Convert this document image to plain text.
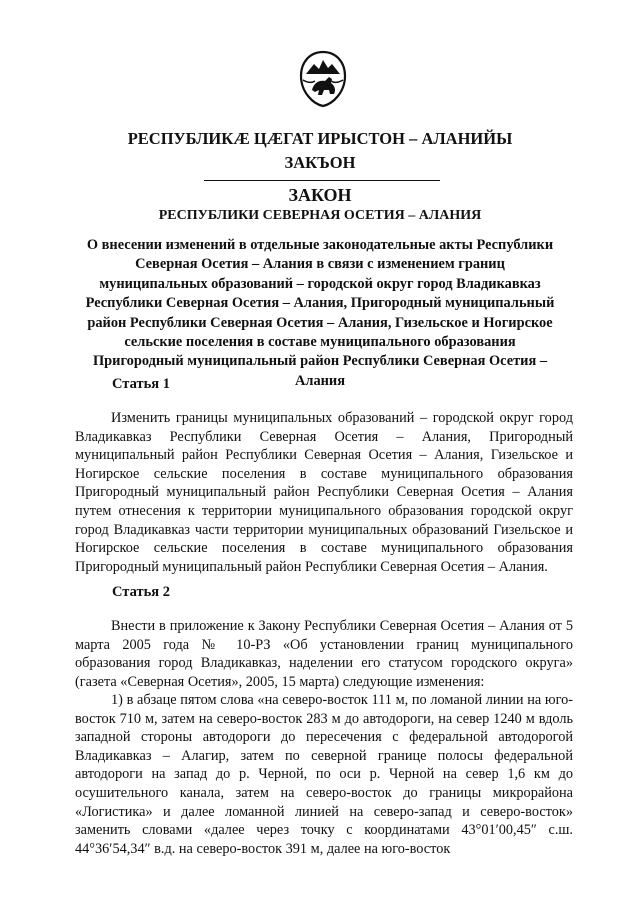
РЕСПУБЛИКӔ ЦӔГАТ ИРЫСТОН – АЛАНИЙЫ
ЗАКЪОН
ЗАКОН
РЕСПУБЛИКИ СЕВЕРНАЯ ОСЕТИЯ – АЛАНИЯ
О внесении изменений в отдельные законодательные акты Республики Северная Осетия – Алания в связи с изменением границ муниципальных образований – городской округ город Владикавказ Республики Северная Осетия – Алания, Пригородный муниципальный район Республики Северная Осетия – Алания, Гизельское и Ногирское сельские поселения в составе муниципального образования Пригородный муниципальный район Республики Северная Осетия – Алания
Статья 1

Изменить границы муниципальных образований – городской округ город Владикавказ Республики Северная Осетия – Алания, Пригородный муниципальный район Республики Северная Осетия – Алания, Гизельское и Ногирское сельские поселения в составе муниципального образования Пригородный муниципальный район Республики Северная Осетия – Алания путем отнесения к территории муниципального образования городской округ город Владикавказ части территории муниципальных образований Гизельское и Ногирское сельские поселения в составе муниципального образования Пригородный муниципальный район Республики Северная Осетия – Алания.

Статья 2

Внести в приложение к Закону Республики Северная Осетия – Алания от 5 марта 2005 года № 10-РЗ «Об установлении границ муниципального образования город Владикавказ, наделении его статусом городского округа» (газета «Северная Осетия», 2005, 15 марта) следующие изменения:

1) в абзаце пятом слова «на северо-восток 111 м, по ломаной линии на юго-восток 710 м, затем на северо-восток 283 м до автодороги, на север 1240 м вдоль западной стороны автодороги до пересечения с федеральной автодорогой Владикавказ – Алагир, затем по северной границе полосы федеральной автодороги на запад до р. Черной, по оси р. Черной на север 1,6 км до осушительного канала, затем на северо-восток до границы микрорайона «Логистика» и далее ломанной линией на северо-запад и северо-восток» заменить словами «далее через точку с координатами 43°01′00,45″ с.ш. 44°36′54,34″ в.д. на северо-восток 391 м, далее на юго-восток
